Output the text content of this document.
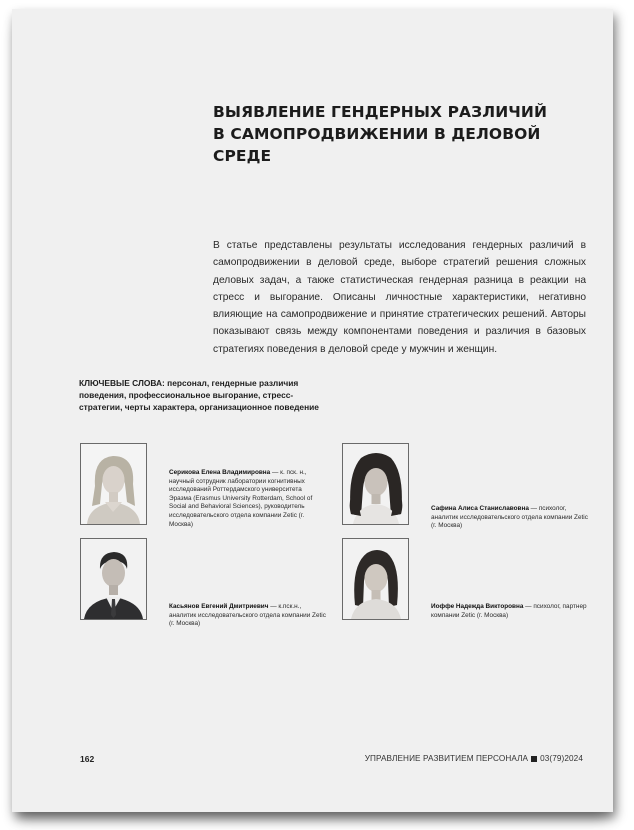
ВЫЯВЛЕНИЕ ГЕНДЕРНЫХ РАЗЛИЧИЙ
В САМОПРОДВИЖЕНИИ В ДЕЛОВОЙ СРЕДЕ

В статье представлены результаты исследования гендерных различий в самопродвижении в деловой среде, выборе стратегий решения сложных деловых задач, а также статистическая гендерная разница в реакции на стресс и выгорание. Описаны личностные характеристики, негативно влияющие на самопродвижение и принятие стратегических решений. Авторы показывают связь между компонентами поведения и различия в базовых стратегиях поведения в деловой среде у мужчин и женщин.

КЛЮЧЕВЫЕ СЛОВА: персонал, гендерные различия поведения, профессиональное выгорание, стресс-стратегии, черты характера, организационное поведение

Серикова Елена Владимировна — к. пск. н., научный сотрудник лаборатории когнитивных исследований Роттердамского университета Эразма (Erasmus University Rotterdam, School of Social and Behavioral Sciences), руководитель исследовательского отдела компании Zetic (г. Москва)

Сафина Алиса Станиславовна — психолог, аналитик исследовательского отдела компании Zetic (г. Москва)

Касьянов Евгений Дмитриевич — к.пск.н., аналитик исследовательского отдела компании Zetic (г. Москва)

Иоффе Надежда Викторовна — психолог, партнер компании Zetic (г. Москва)

162	УПРАВЛЕНИЕ РАЗВИТИЕМ ПЕРСОНАЛА 03(79)2024
